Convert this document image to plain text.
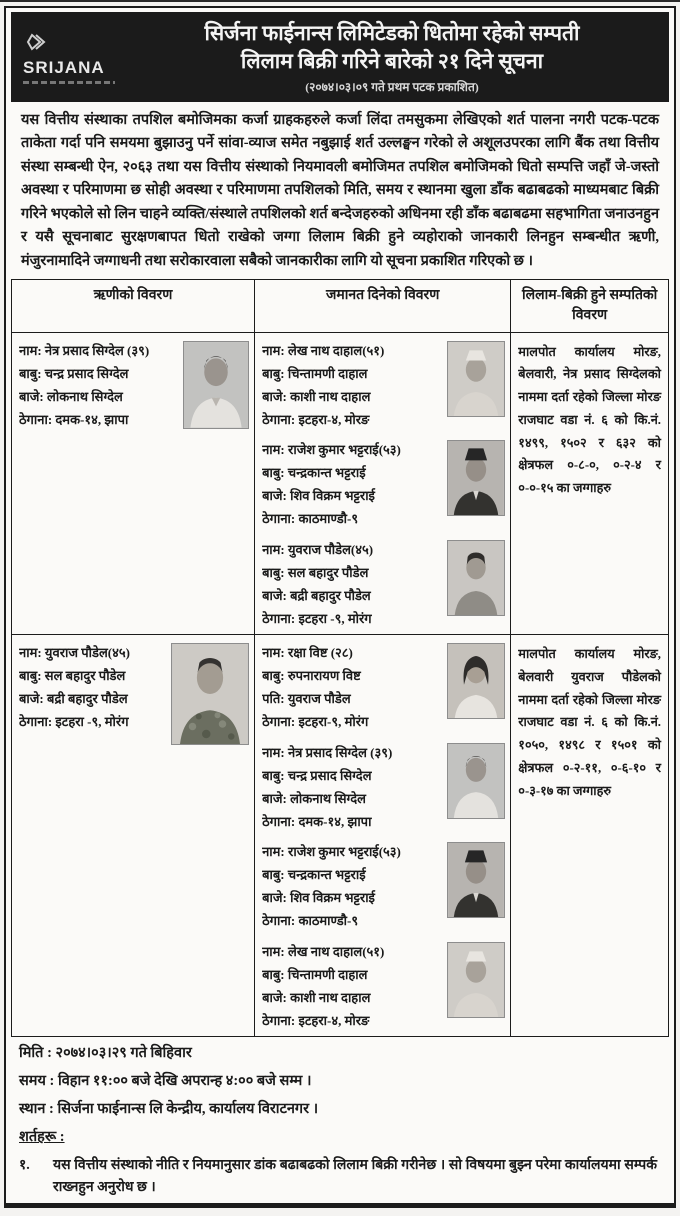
SRIJANA
सिर्जना फाईनान्स लिमिटेडको धितोमा रहेको सम्पती
लिलाम बिक्री गरिने बारेको २१ दिने सूचना
(२०७४।०३।०९ गते प्रथम पटक प्रकाशित)
यस वित्तीय संस्थाका तपशिल बमोजिमका कर्जा ग्राहकहरुले कर्जा लिंदा तमसुकमा लेखिएको शर्त पालना नगरी पटक-पटक ताकेता गर्दा पनि समयमा बुझाउनु पर्ने सांवा-व्याज समेत नबुझाई शर्त उल्लङ्घन गरेको ले अशूलउपरका लागि बैंक तथा वित्तीय संस्था सम्बन्धी ऐन, २०६३ तथा यस वित्तीय संस्थाको नियमावली बमोजिमत तपशिल बमोजिमको धितो सम्पत्ति जहाँ जे-जस्तो अवस्था र परिमाणमा छ सोही अवस्था र परिमाणमा तपशिलको मिति, समय र स्थानमा खुला डाँक बढाबढको माध्यमबाट बिक्री गरिने भएकोले सो लिन चाहने व्यक्ति/संस्थाले तपशिलको शर्त बन्देजहरुको अधिनमा रही डाँक बढाबढमा सहभागिता जनाउनहुन र यसै सूचनाबाट सुरक्षणबापत धितो राखेको जग्गा लिलाम बिक्री हुने व्यहोराको जानकारी लिनहुन सम्बन्धीत ऋणी, मंजुरनामादिने जग्गाधनी तथा सरोकारवाला सबैको जानकारीका लागि यो सूचना प्रकाशित गरिएको छ ।
ऋणीको विवरण	जमानत दिनेको विवरण	लिलाम-बिक्री हुने सम्पतिको विवरण

नाम: नेत्र प्रसाद सिग्देल (३९)
बाबु: चन्द्र प्रसाद सिग्देल
बाजे: लोकनाथ सिग्देल
ठेगाना: दमक-१४, झापा

नाम: लेख नाथ दाहाल(५१)
बाबु: चिन्तामणी दाहाल
बाजे: काशी नाथ दाहाल
ठेगाना: इटहरा-४, मोरङ
नाम: राजेश कुमार भट्टराई(५३)
बाबु: चन्द्रकान्त भट्टराई
बाजे: शिव विक्रम भट्टराई
ठेगाना: काठमाण्डौ-९
नाम: युवराज पौडेल(४५)
बाबु: सल बहादुर पौडेल
बाजे: बद्री बहादुर पौडेल
ठेगाना: इटहरा -९, मोरंग

मालपोत कार्यालय मोरङ, बेलवारी, नेत्र प्रसाद सिग्देलको नाममा दर्ता रहेको जिल्ला मोरङ राजघाट वडा नं. ६ को कि.नं. १४९९, १५०२ र ६३२ को क्षेत्रफल ०-८-०, ०-२-४ र ०-०-१५ का जग्गाहरु

नाम: युवराज पौडेल(४५)
बाबु: सल बहादुर पौडेल
बाजे: बद्री बहादुर पौडेल
ठेगाना: इटहरा -९, मोरंग

नाम: रक्षा विष्ट (२८)
बाबु: रुपनारायण विष्ट
पति: युवराज पौडेल
ठेगाना: इटहरा-९, मोरंग
नाम: नेत्र प्रसाद सिग्देल (३९)
बाबु: चन्द्र प्रसाद सिग्देल
बाजे: लोकनाथ सिग्देल
ठेगाना: दमक-१४, झापा
नाम: राजेश कुमार भट्टराई(५३)
बाबु: चन्द्रकान्त भट्टराई
बाजे: शिव विक्रम भट्टराई
ठेगाना: काठमाण्डौ-९
नाम: लेख नाथ दाहाल(५१)
बाबु: चिन्तामणी दाहाल
बाजे: काशी नाथ दाहाल
ठेगाना: इटहरा-४, मोरङ

मालपोत कार्यालय मोरङ, बेलवारी युवराज पौडेलको नाममा दर्ता रहेको जिल्ला मोरङ राजघाट वडा नं. ६ को कि.नं. १०५०, १४९८ र १५०१ को क्षेत्रफल ०-२-११, ०-६-१० र ०-३-१७ का जग्गाहरु
मिति : २०७४।०३।२९ गते बिहिवार
समय : विहान ११:०० बजे देखि अपरान्ह ४:०० बजे सम्म ।
स्थान : सिर्जना फाईनान्स लि केन्द्रीय, कार्यालय विराटनगर ।
शर्तहरू :
१.	यस वित्तीय संस्थाको नीति र नियमानुसार डांक बढाबढको लिलाम बिक्री गरीनेछ । सो विषयमा बुझ्न परेमा कार्यालयमा सम्पर्क राख्नहुन अनुरोध छ ।
